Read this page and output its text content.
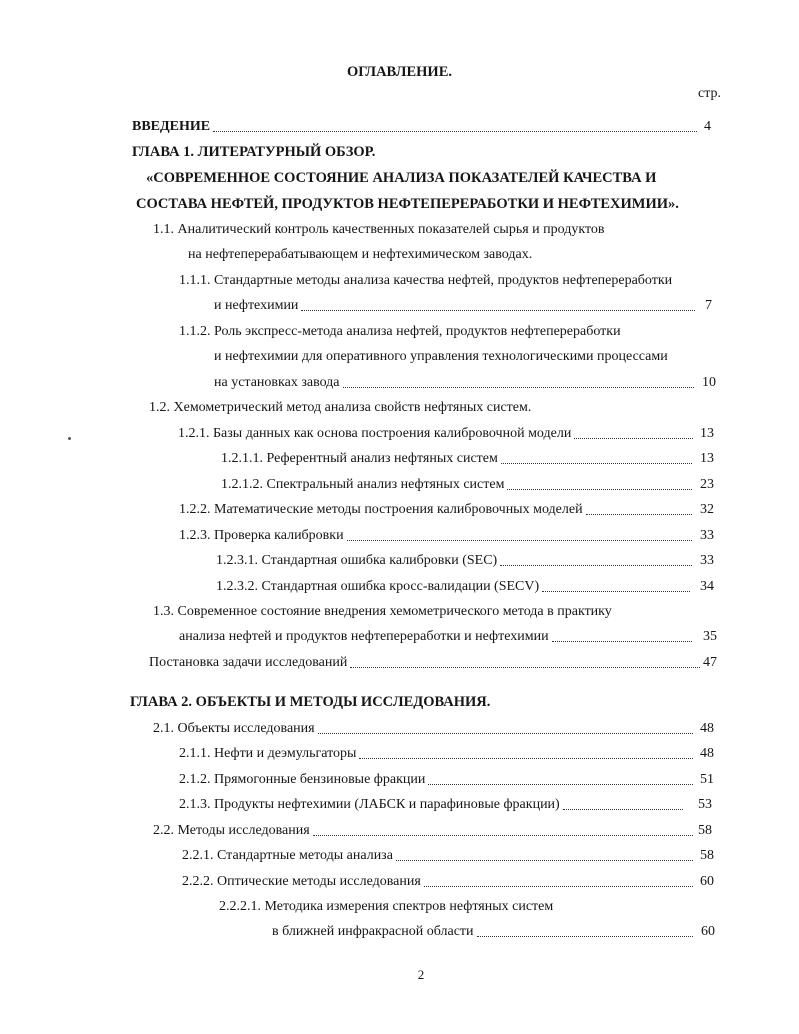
ОГЛАВЛЕНИЕ.
стр.
ВВЕДЕНИЕ	4
ГЛАВА 1. ЛИТЕРАТУРНЫЙ ОБЗОР.
«СОВРЕМЕННОЕ СОСТОЯНИЕ АНАЛИЗА ПОКАЗАТЕЛЕЙ КАЧЕСТВА И
СОСТАВА НЕФТЕЙ, ПРОДУКТОВ НЕФТЕПЕРЕРАБОТКИ И НЕФТЕХИМИИ».
1.1. Аналитический контроль качественных показателей сырья и продуктов
на нефтеперерабатывающем и нефтехимическом заводах.
1.1.1. Стандартные методы анализа качества нефтей, продуктов нефтепереработки
и нефтехимии	7
1.1.2. Роль экспресс-метода анализа нефтей, продуктов нефтепереработки
и нефтехимии для оперативного управления технологическими процессами
на установках завода	10
1.2. Хемометрический метод анализа свойств нефтяных систем.
1.2.1. Базы данных как основа построения калибровочной модели	13
1.2.1.1. Референтный анализ нефтяных систем	13
1.2.1.2. Спектральный анализ нефтяных систем	23
1.2.2. Математические методы построения калибровочных моделей	32
1.2.3. Проверка калибровки	33
1.2.3.1. Стандартная ошибка калибровки (SEC)	33
1.2.3.2. Стандартная ошибка кросс-валидации (SECV)	34
1.3. Современное состояние внедрения хемометрического метода в практику
анализа нефтей и продуктов нефтепереработки и нефтехимии	35
Постановка задачи исследований	47
ГЛАВА 2. ОБЪЕКТЫ И МЕТОДЫ ИССЛЕДОВАНИЯ.
2.1. Объекты исследования	48
2.1.1. Нефти и деэмульгаторы	48
2.1.2. Прямогонные бензиновые фракции	51
2.1.3. Продукты нефтехимии (ЛАБСК и парафиновые фракции)	53
2.2. Методы исследования	58
2.2.1. Стандартные методы анализа	58
2.2.2. Оптические методы исследования	60
2.2.2.1. Методика измерения спектров нефтяных систем
в ближней инфракрасной области	60
2
